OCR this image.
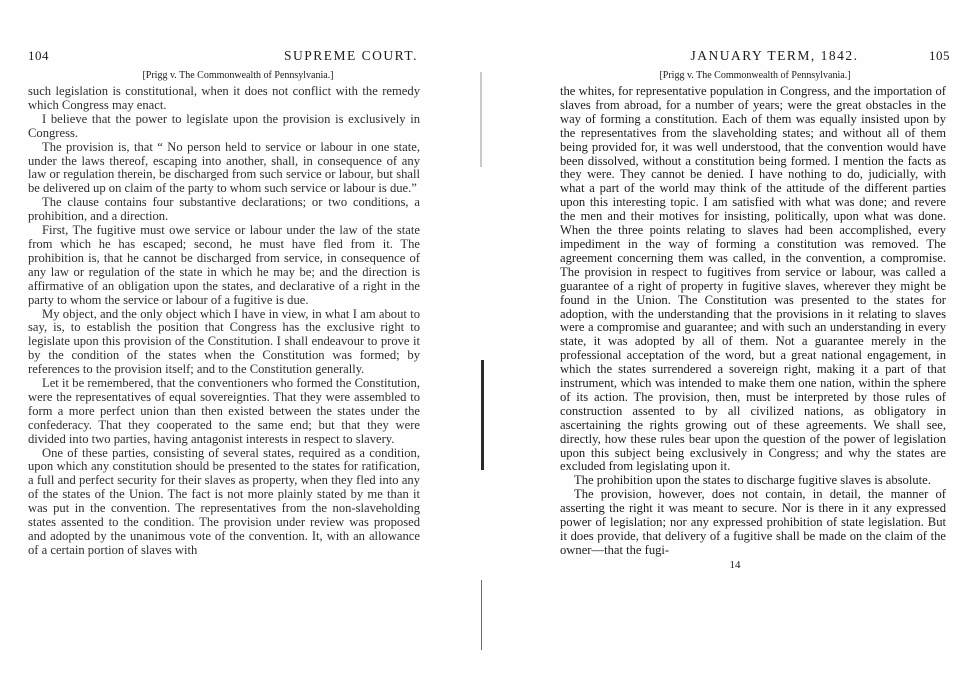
104	SUPREME COURT.
[Prigg v. The Commonwealth of Pennsylvania.]

such legislation is constitutional, when it does not conflict with the remedy which Congress may enact.

I believe that the power to legislate upon the provision is exclusively in Congress.

The provision is, that “ No person held to service or labour in one state, under the laws thereof, escaping into another, shall, in consequence of any law or regulation therein, be discharged from such service or labour, but shall be delivered up on claim of the party to whom such service or labour is due.”

The clause contains four substantive declarations; or two conditions, a prohibition, and a direction.

First, The fugitive must owe service or labour under the law of the state from which he has escaped; second, he must have fled from it. The prohibition is, that he cannot be discharged from service, in consequence of any law or regulation of the state in which he may be; and the direction is affirmative of an obligation upon the states, and declarative of a right in the party to whom the service or labour of a fugitive is due.

My object, and the only object which I have in view, in what I am about to say, is, to establish the position that Congress has the exclusive right to legislate upon this provision of the Constitution. I shall endeavour to prove it by the condition of the states when the Constitution was formed; by references to the provision itself; and to the Constitution generally.

Let it be remembered, that the conventioners who formed the Constitution, were the representatives of equal sovereignties. That they were assembled to form a more perfect union than then existed between the states under the confederacy. That they cooperated to the same end; but that they were divided into two parties, having antagonist interests in respect to slavery.

One of these parties, consisting of several states, required as a condition, upon which any constitution should be presented to the states for ratification, a full and perfect security for their slaves as property, when they fled into any of the states of the Union. The fact is not more plainly stated by me than it was put in the convention. The representatives from the non-slaveholding states assented to the condition. The provision under review was proposed and adopted by the unanimous vote of the convention. It, with an allowance of a certain portion of slaves with

JANUARY TERM, 1842.	105
[Prigg v. The Commonwealth of Pennsylvania.]

the whites, for representative population in Congress, and the importation of slaves from abroad, for a number of years; were the great obstacles in the way of forming a constitution. Each of them was equally insisted upon by the representatives from the slaveholding states; and without all of them being provided for, it was well understood, that the convention would have been dissolved, without a constitution being formed. I mention the facts as they were. They cannot be denied. I have nothing to do, judicially, with what a part of the world may think of the attitude of the different parties upon this interesting topic. I am satisfied with what was done; and revere the men and their motives for insisting, politically, upon what was done. When the three points relating to slaves had been accomplished, every impediment in the way of forming a constitution was removed. The agreement concerning them was called, in the convention, a compromise. The provision in respect to fugitives from service or labour, was called a guarantee of a right of property in fugitive slaves, wherever they might be found in the Union. The Constitution was presented to the states for adoption, with the understanding that the provisions in it relating to slaves were a compromise and guarantee; and with such an understanding in every state, it was adopted by all of them. Not a guarantee merely in the professional acceptation of the word, but a great national engagement, in which the states surrendered a sovereign right, making it a part of that instrument, which was intended to make them one nation, within the sphere of its action. The provision, then, must be interpreted by those rules of construction assented to by all civilized nations, as obligatory in ascertaining the rights growing out of these agreements. We shall see, directly, how these rules bear upon the question of the power of legislation upon this subject being exclusively in Congress; and why the states are excluded from legislating upon it.

The prohibition upon the states to discharge fugitive slaves is absolute.

The provision, however, does not contain, in detail, the manner of asserting the right it was meant to secure. Nor is there in it any expressed power of legislation; nor any expressed prohibition of state legislation. But it does provide, that delivery of a fugitive shall be made on the claim of the owner—that the fugi-

14
